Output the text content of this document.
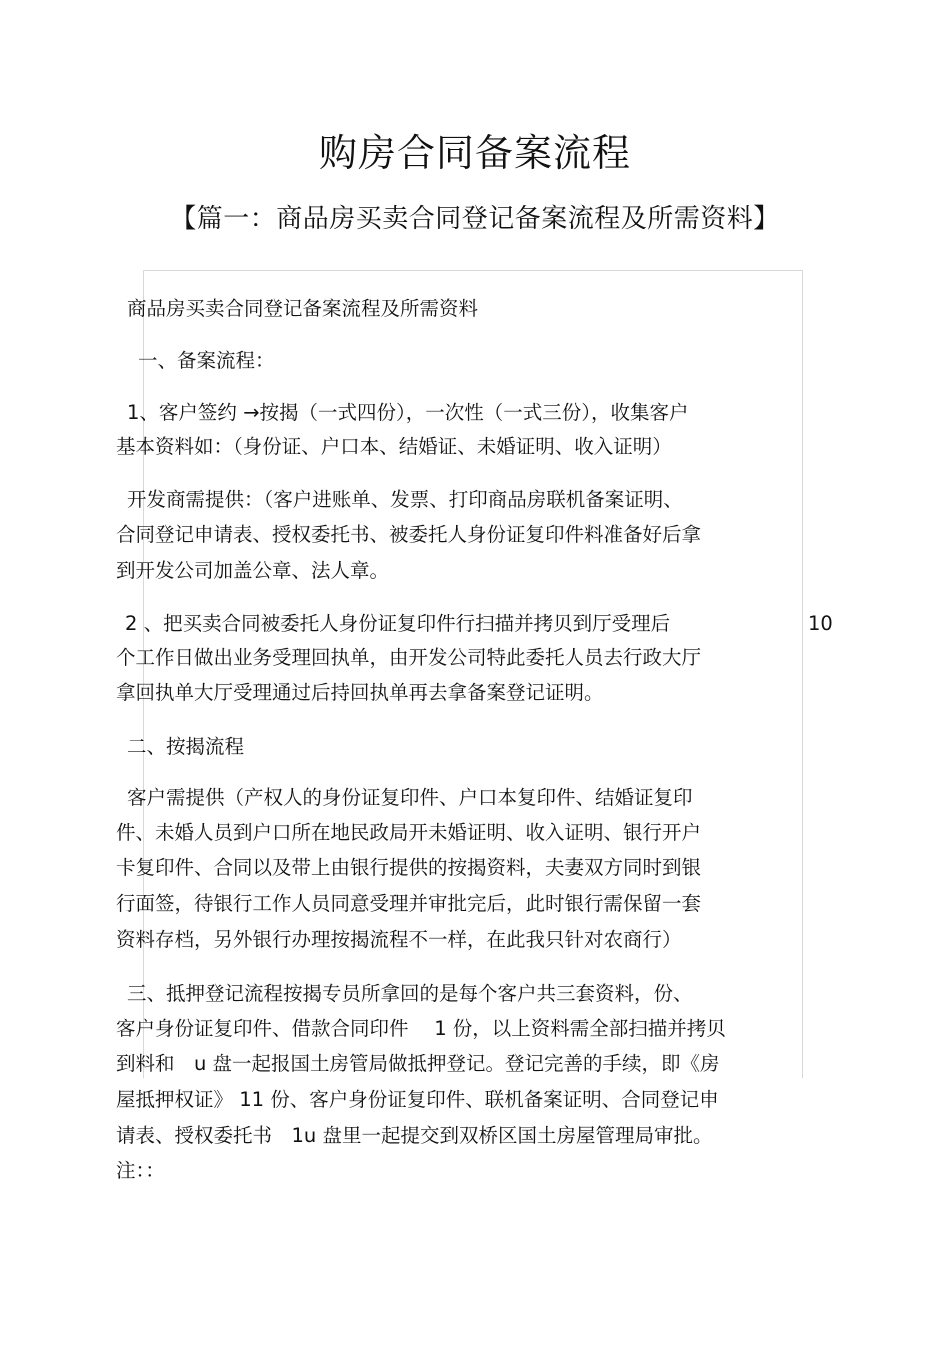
购房合同备案流程
【篇一：商品房买卖合同登记备案流程及所需资料】
商品房买卖合同登记备案流程及所需资料
一、备案流程：
1、客户签约 →按揭（一式四份），一次性（一式三份），收集客户
基本资料如：（身份证、户口本、结婚证、未婚证明、收入证明）
开发商需提供：（客户进账单、发票、打印商品房联机备案证明、
合同登记申请表、授权委托书、被委托人身份证复印件料准备好后拿
到开发公司加盖公章、法人章。
2 、把买卖合同被委托人身份证复印件行扫描并拷贝到厅受理后	10
个工作日做出业务受理回执单，由开发公司特此委托人员去行政大厅
拿回执单大厅受理通过后持回执单再去拿备案登记证明。
二、按揭流程
客户需提供（产权人的身份证复印件、户口本复印件、结婚证复印
件、未婚人员到户口所在地民政局开未婚证明、收入证明、银行开户
卡复印件、合同以及带上由银行提供的按揭资料，夫妻双方同时到银
行面签，待银行工作人员同意受理并审批完后，此时银行需保留一套
资料存档，另外银行办理按揭流程不一样，在此我只针对农商行）
三、抵押登记流程按揭专员所拿回的是每个客户共三套资料，份、
客户身份证复印件、借款合同印件　 1 份，以上资料需全部扫描并拷贝
到料和　u 盘一起报国土房管局做抵押登记。登记完善的手续，即《房
屋抵押权证》 11 份、客户身份证复印件、联机备案证明、合同登记申
请表、授权委托书　1u 盘里一起提交到双桥区国土房屋管理局审批。
注：：
